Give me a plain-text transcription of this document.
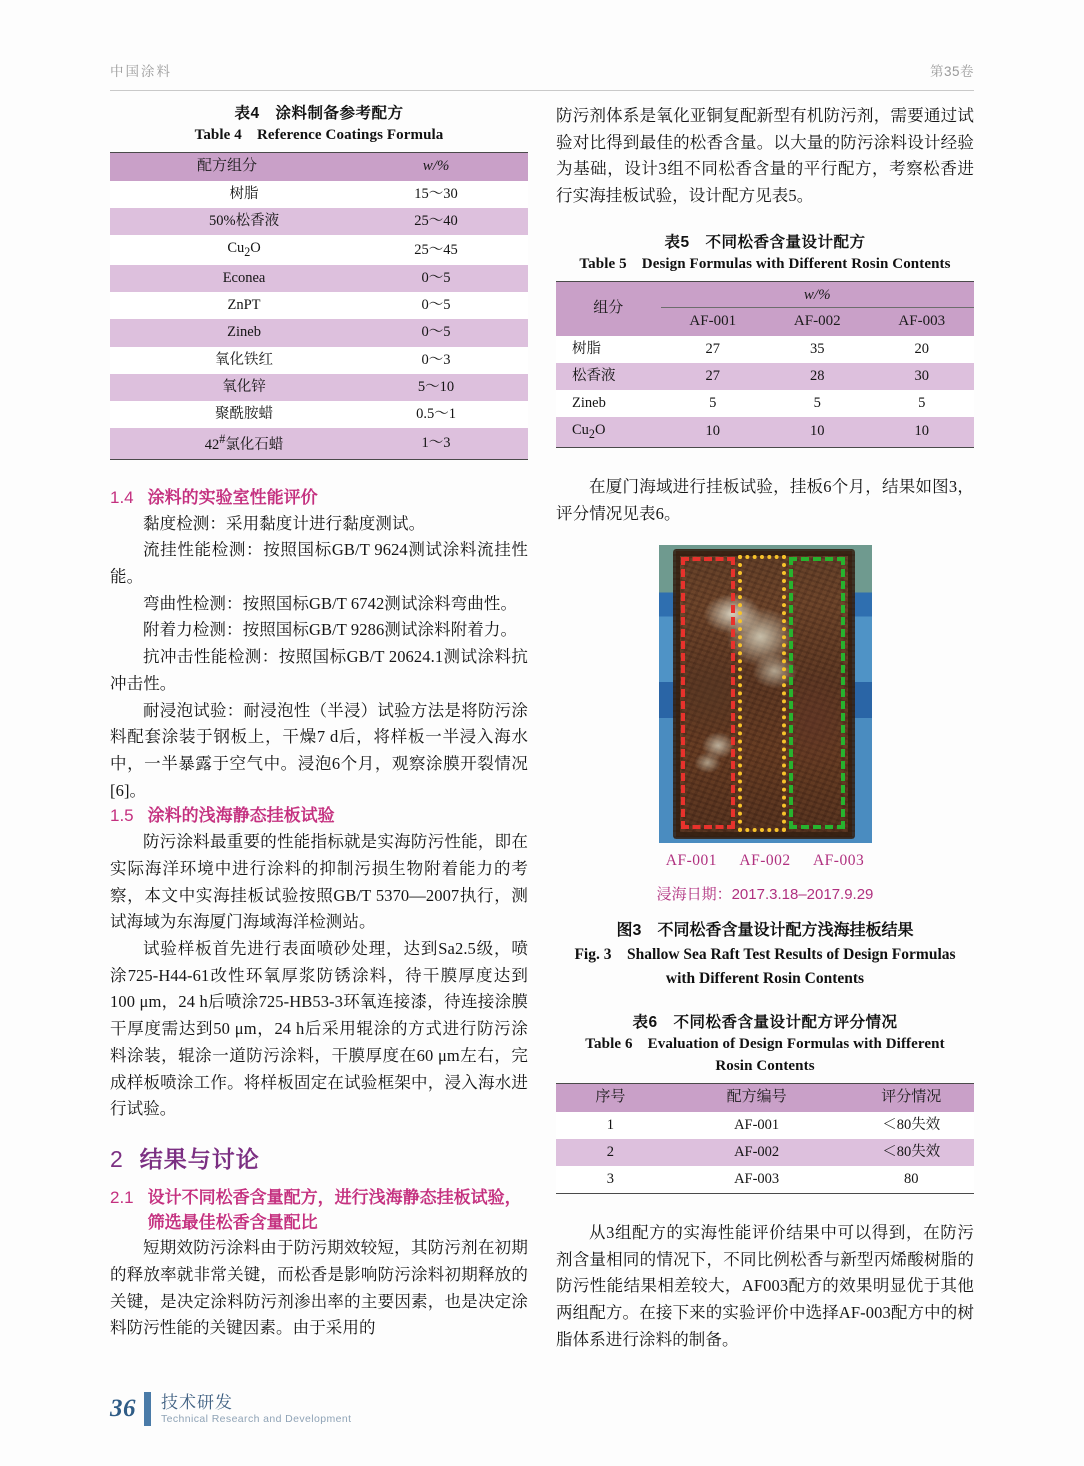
中国涂料	第35卷
表4　涂料制备参考配方
Table 4　Reference Coatings Formula
配方组分	w/%
树脂	15～30
50%松香液	25～40
$Cu_2O$	25～45
Econea	0～5
ZnPT	0～5
Zineb	0～5
氧化铁红	0～3
氧化锌	5～10
聚酰胺蜡	0.5～1
42#氯化石蜡	1～3
1.4 涂料的实验室性能评价

黏度检测：采用黏度计进行黏度测试。

流挂性能检测：按照国标GB/T 9624测试涂料流挂性能。

弯曲性检测：按照国标GB/T 6742测试涂料弯曲性。

附着力检测：按照国标GB/T 9286测试涂料附着力。

抗冲击性能检测：按照国标GB/T 20624.1测试涂料抗冲击性。

耐浸泡试验：耐浸泡性（半浸）试验方法是将防污涂料配套涂装于钢板上，干燥7 d后，将样板一半浸入海水中，一半暴露于空气中。浸泡6个月，观察涂膜开裂情况[6]。

1.5 涂料的浅海静态挂板试验

防污涂料最重要的性能指标就是实海防污性能，即在实际海洋环境中进行涂料的抑制污损生物附着能力的考察，本文中实海挂板试验按照GB/T 5370—2007执行，测试海域为东海厦门海域海洋检测站。

试验样板首先进行表面喷砂处理，达到Sa2.5级，喷涂725-H44-61改性环氧厚浆防锈涂料，待干膜厚度达到100 μm，24 h后喷涂725-HB53-3环氧连接漆，待连接涂膜干厚度需达到50 μm，24 h后采用辊涂的方式进行防污涂料涂装，辊涂一道防污涂料，干膜厚度在60 μm左右，完成样板喷涂工作。将样板固定在试验框架中，浸入海水进行试验。

2 结果与讨论
2.1 设计不同松香含量配方，进行浅海静态挂板试验，筛选最佳松香含量配比

短期效防污涂料由于防污期效较短，其防污剂在初期的释放率就非常关键，而松香是影响防污涂料初期释放的关键，是决定涂料防污剂渗出率的主要因素，也是决定涂料防污性能的关键因素。由于采用的

防污剂体系是氧化亚铜复配新型有机防污剂，需要通过试验对比得到最佳的松香含量。以大量的防污涂料设计经验为基础，设计3组不同松香含量的平行配方，考察松香进行实海挂板试验，设计配方见表5。

表5　不同松香含量设计配方
Table 5　Design Formulas with Different Rosin Contents
组分	w/%		
	AF-001	AF-002	AF-003
树脂	27	35	20
松香液	27	28	30
Zineb	5	5	5
$Cu_2O$	10	10	10

在厦门海域进行挂板试验，挂板6个月，结果如图3，评分情况见表6。

AF-001 AF-002 AF-003
浸海日期：2017.3.18–2017.9.29
图3　不同松香含量设计配方浅海挂板结果
Fig. 3　Shallow Sea Raft Test Results of Design Formulas
with Different Rosin Contents
表6　不同松香含量设计配方评分情况
Table 6　Evaluation of Design Formulas with Different
Rosin Contents
序号	配方编号	评分情况
1	AF-001	＜80失效
2	AF-002	＜80失效
3	AF-003	80

从3组配方的实海性能评价结果中可以得到，在防污剂含量相同的情况下，不同比例松香与新型丙烯酸树脂的防污性能结果相差较大，AF003配方的效果明显优于其他两组配方。在接下来的实验评价中选择AF-003配方中的树脂体系进行涂料的制备。

36 技术研发
Technical Research and Development
